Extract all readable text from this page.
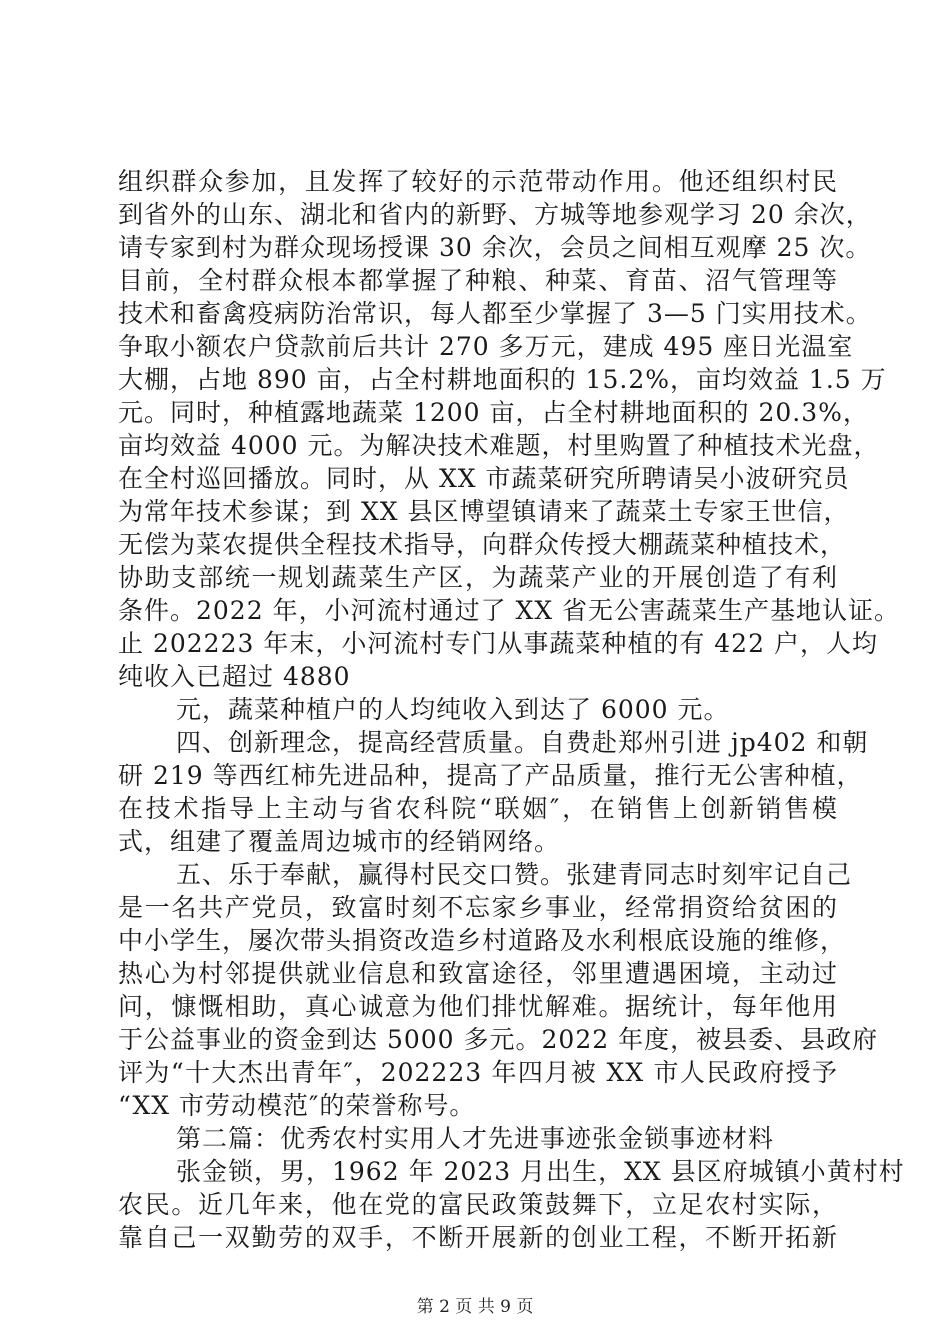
组织群众参加，且发挥了较好的示范带动作用。他还组织村民
到省外的山东、湖北和省内的新野、方城等地参观学习 20 余次，
请专家到村为群众现场授课 30 余次，会员之间相互观摩 25 次。
目前，全村群众根本都掌握了种粮、种菜、育苗、沼气管理等
技术和畜禽疫病防治常识，每人都至少掌握了 3—5 门实用技术。
争取小额农户贷款前后共计 270 多万元，建成 495 座日光温室
大棚，占地 890 亩，占全村耕地面积的 15.2%，亩均效益 1.5 万
元。同时，种植露地蔬菜 1200 亩，占全村耕地面积的 20.3%，
亩均效益 4000 元。为解决技术难题，村里购置了种植技术光盘，
在全村巡回播放。同时，从 XX 市蔬菜研究所聘请吴小波研究员
为常年技术参谋；到 XX 县区博望镇请来了蔬菜土专家王世信，
无偿为菜农提供全程技术指导，向群众传授大棚蔬菜种植技术，
协助支部统一规划蔬菜生产区，为蔬菜产业的开展创造了有利
条件。2022 年，小河流村通过了 XX 省无公害蔬菜生产基地认证。
止 202223 年末，小河流村专门从事蔬菜种植的有 422 户，人均
纯收入已超过 4880
元，蔬菜种植户的人均纯收入到达了 6000 元。
四、创新理念，提高经营质量。自费赴郑州引进 jp402 和朝
研 219 等西红柿先进品种，提高了产品质量，推行无公害种植，
在技术指导上主动与省农科院“联姻″，在销售上创新销售模
式，组建了覆盖周边城市的经销网络。
五、乐于奉献，赢得村民交口赞。张建青同志时刻牢记自己
是一名共产党员，致富时刻不忘家乡事业，经常捐资给贫困的
中小学生，屡次带头捐资改造乡村道路及水利根底设施的维修，
热心为村邻提供就业信息和致富途径，邻里遭遇困境，主动过
问，慷慨相助，真心诚意为他们排忧解难。据统计，每年他用
于公益事业的资金到达 5000 多元。2022 年度，被县委、县政府
评为“十大杰出青年″，202223 年四月被 XX 市人民政府授予
“XX 市劳动模范″的荣誉称号。
第二篇：优秀农村实用人才先进事迹张金锁事迹材料
张金锁，男，1962 年 2023 月出生，XX 县区府城镇小黄村村
农民。近几年来，他在党的富民政策鼓舞下，立足农村实际，
靠自己一双勤劳的双手，不断开展新的创业工程，不断开拓新
第 2 页 共 9 页
